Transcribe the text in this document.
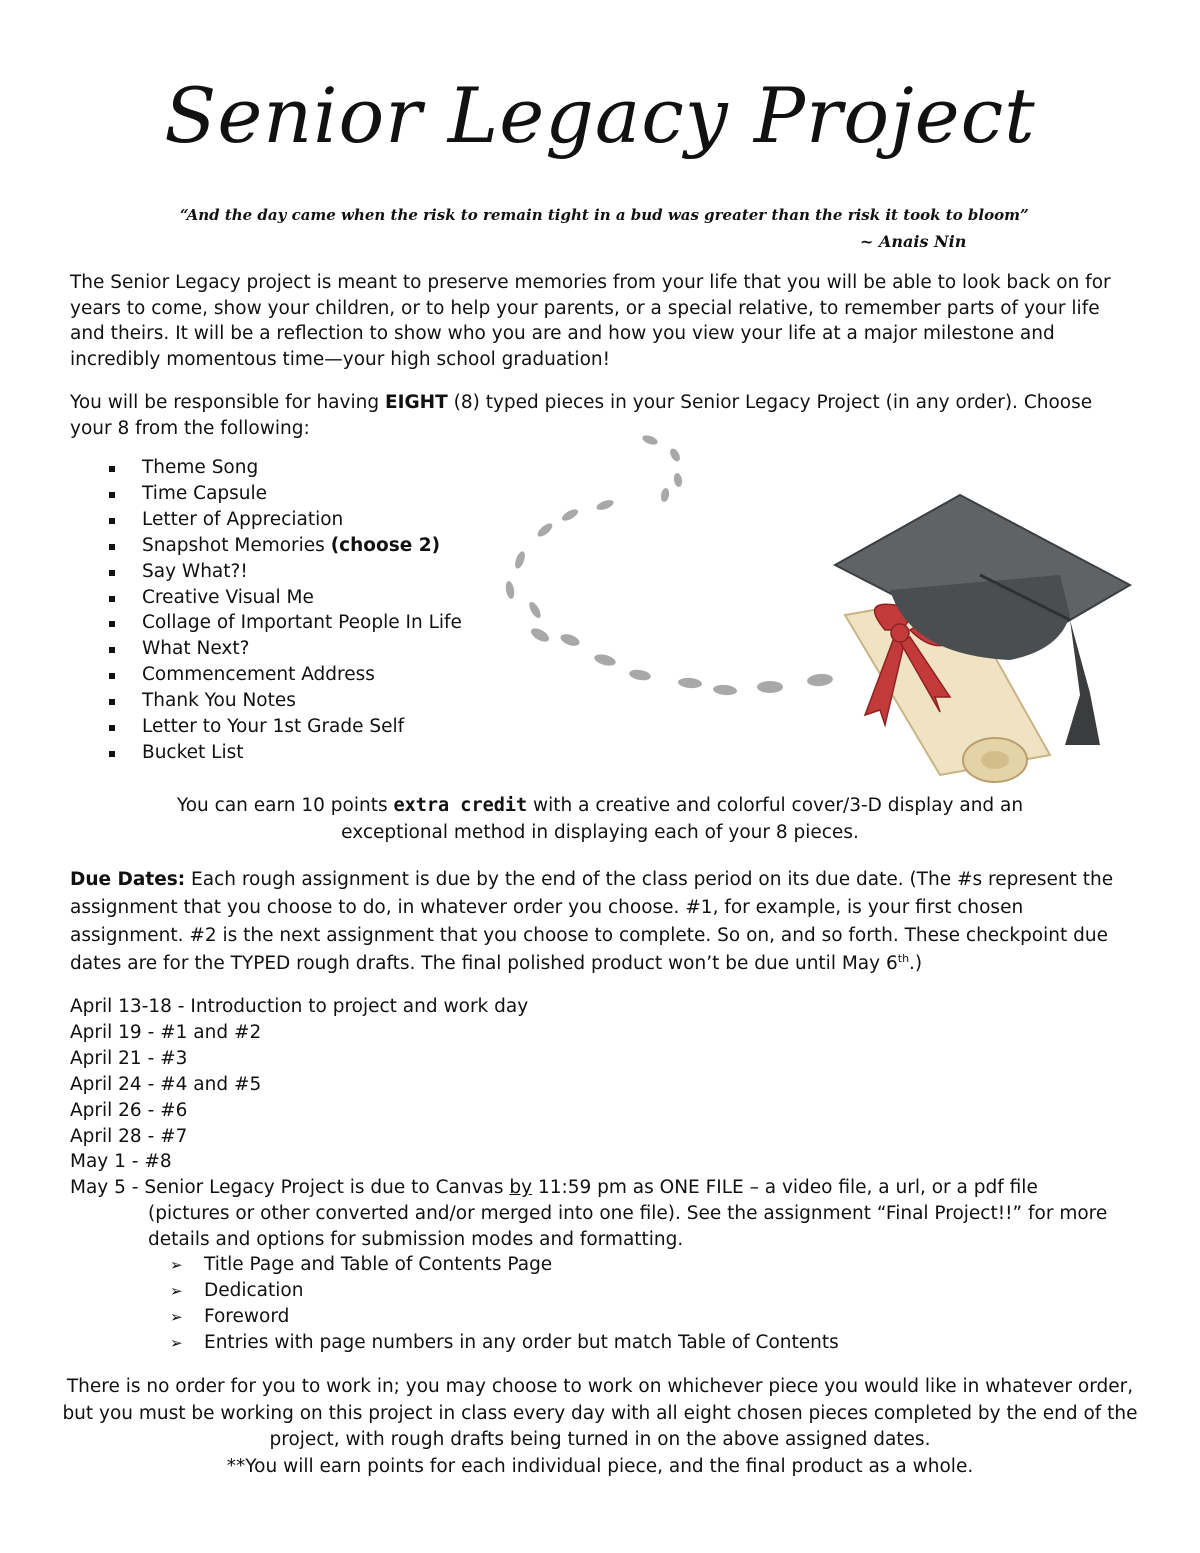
Senior Legacy Project
“And the day came when the risk to remain tight in a bud was greater than the risk it took to bloom”
~ Anais Nin
The Senior Legacy project is meant to preserve memories from your life that you will be able to look back on for years to come, show your children, or to help your parents, or a special relative, to remember parts of your life and theirs. It will be a reflection to show who you are and how you view your life at a major milestone and incredibly momentous time—your high school graduation!
You will be responsible for having EIGHT (8) typed pieces in your Senior Legacy Project (in any order). Choose your 8 from the following:
Theme Song
Time Capsule
Letter of Appreciation
Snapshot Memories (choose 2)
Say What?!
Creative Visual Me
Collage of Important People In Life
What Next?
Commencement Address
Thank You Notes
Letter to Your 1st Grade Self
Bucket List
You can earn 10 points extra credit with a creative and colorful cover/3-D display and an exceptional method in displaying each of your 8 pieces.
Due Dates: Each rough assignment is due by the end of the class period on its due date. (The #s represent the assignment that you choose to do, in whatever order you choose. #1, for example, is your first chosen assignment. #2 is the next assignment that you choose to complete. So on, and so forth. These checkpoint due dates are for the TYPED rough drafts. The final polished product won’t be due until May 6th.)
April 13-18 - Introduction to project and work day
April 19 - #1 and #2
April 21 - #3
April 24 - #4 and #5
April 26 - #6
April 28 - #7
May 1 - #8
May 5 - Senior Legacy Project is due to Canvas by 11:59 pm as ONE FILE – a video file, a url, or a pdf file
(pictures or other converted and/or merged into one file). See the assignment “Final Project!!” for more details and options for submission modes and formatting.
➢ Title Page and Table of Contents Page
➢ Dedication
➢ Foreword
➢ Entries with page numbers in any order but match Table of Contents
There is no order for you to work in; you may choose to work on whichever piece you would like in whatever order, but you must be working on this project in class every day with all eight chosen pieces completed by the end of the project, with rough drafts being turned in on the above assigned dates.
**You will earn points for each individual piece, and the final product as a whole.
